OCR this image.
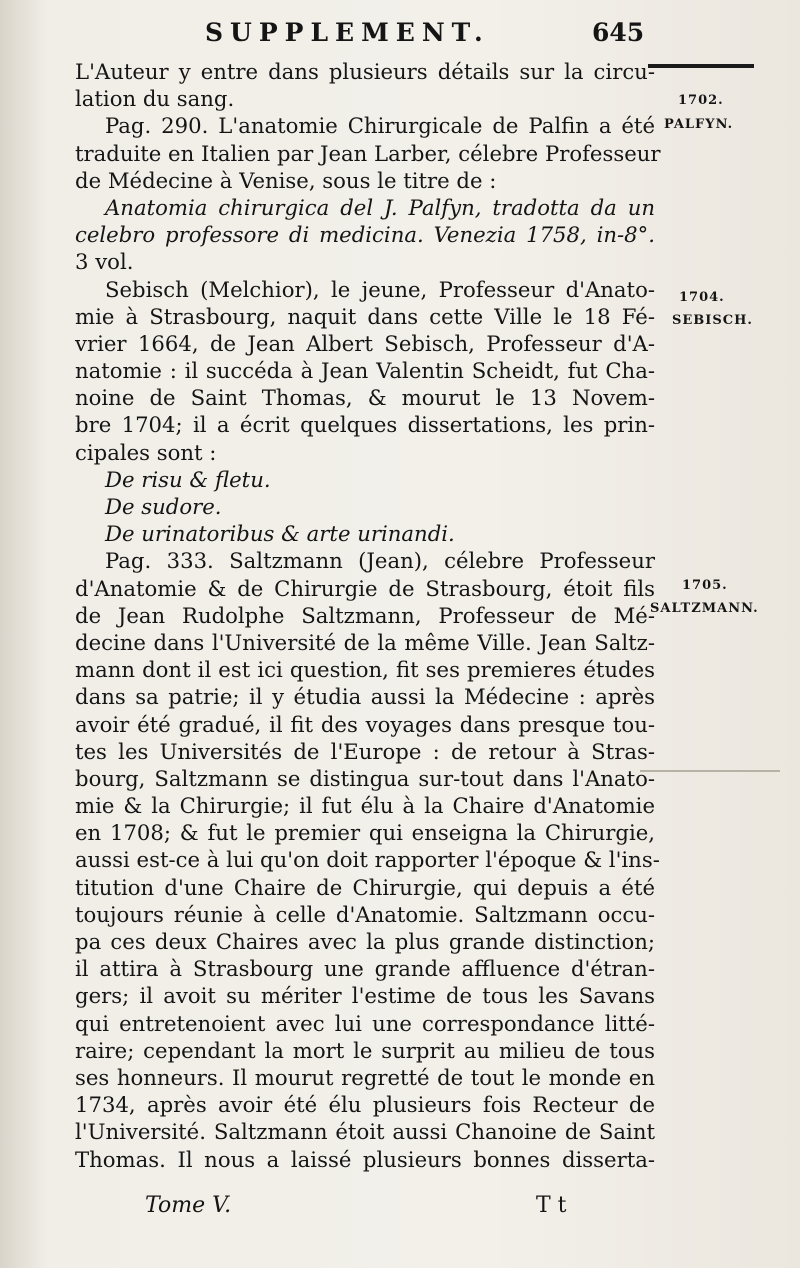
SUPPLEMENT.	645
1702.
PALFYN.
1704.
SEBISCH.
1705.
SALTZMANN.
L'Auteur y entre dans plusieurs détails sur la circu-
lation du sang.
Pag. 290. L'anatomie Chirurgicale de Palfin a été
traduite en Italien par Jean Larber, célebre Professeur
de Médecine à Venise, sous le titre de :
Anatomia chirurgica del J. Palfyn, tradotta da un
celebro professore di medicina. Venezia 1758, in-8°.
3 vol.
Sebisch (Melchior), le jeune, Professeur d'Anato-
mie à Strasbourg, naquit dans cette Ville le 18 Fé-
vrier 1664, de Jean Albert Sebisch, Professeur d'A-
natomie : il succéda à Jean Valentin Scheidt, fut Cha-
noine de Saint Thomas, & mourut le 13 Novem-
bre 1704; il a écrit quelques dissertations, les prin-
cipales sont :
De risu & fletu.
De sudore.
De urinatoribus & arte urinandi.
Pag. 333. Saltzmann (Jean), célebre Professeur
d'Anatomie & de Chirurgie de Strasbourg, étoit fils
de Jean Rudolphe Saltzmann, Professeur de Mé-
decine dans l'Université de la même Ville. Jean Saltz-
mann dont il est ici question, fit ses premieres études
dans sa patrie; il y étudia aussi la Médecine : après
avoir été gradué, il fit des voyages dans presque tou-
tes les Universités de l'Europe : de retour à Stras-
bourg, Saltzmann se distingua sur-tout dans l'Anato-
mie & la Chirurgie; il fut élu à la Chaire d'Anatomie
en 1708; & fut le premier qui enseigna la Chirurgie,
aussi est-ce à lui qu'on doit rapporter l'époque & l'ins-
titution d'une Chaire de Chirurgie, qui depuis a été
toujours réunie à celle d'Anatomie. Saltzmann occu-
pa ces deux Chaires avec la plus grande distinction;
il attira à Strasbourg une grande affluence d'étran-
gers; il avoit su mériter l'estime de tous les Savans
qui entretenoient avec lui une correspondance litté-
raire; cependant la mort le surprit au milieu de tous
ses honneurs. Il mourut regretté de tout le monde en
1734, après avoir été élu plusieurs fois Recteur de
l'Université. Saltzmann étoit aussi Chanoine de Saint
Thomas. Il nous a laissé plusieurs bonnes disserta-
Tome V.	T t
